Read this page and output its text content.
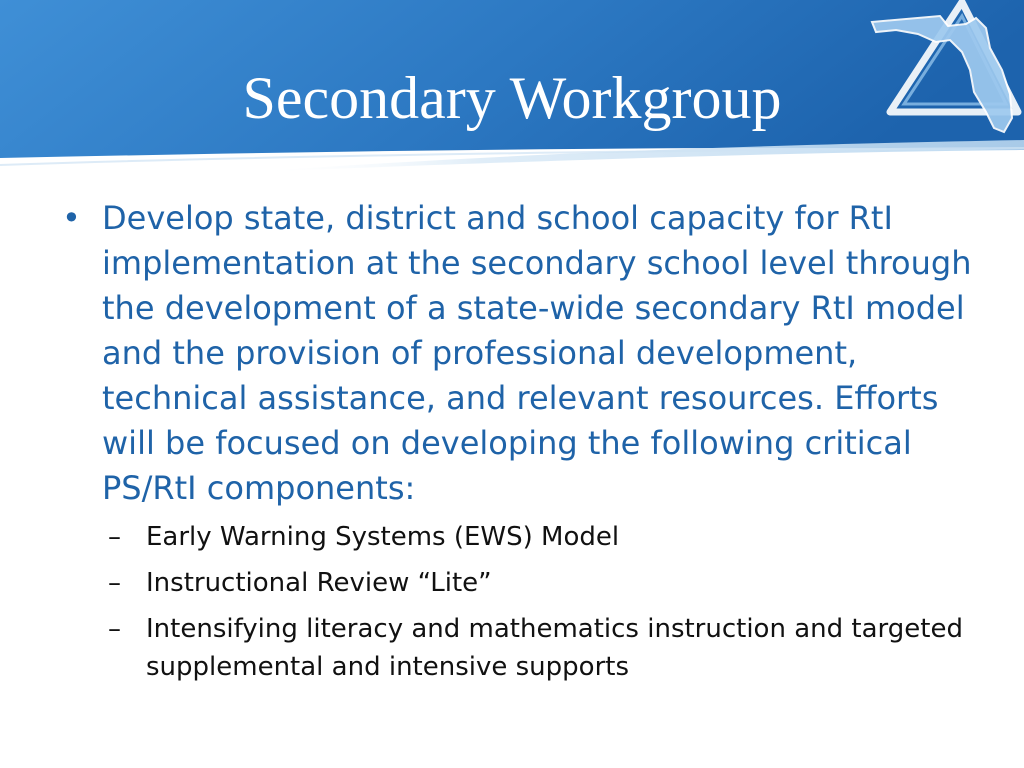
Secondary Workgroup
• Develop state, district and school capacity for RtI implementation at the secondary school level through the development of a state-wide secondary RtI model and the provision of professional development, technical assistance, and relevant resources. Efforts will be focused on developing the following critical PS/RtI components:
– Early Warning Systems (EWS) Model
– Instructional Review “Lite”
– Intensifying literacy and mathematics instruction and targeted supplemental and intensive supports
